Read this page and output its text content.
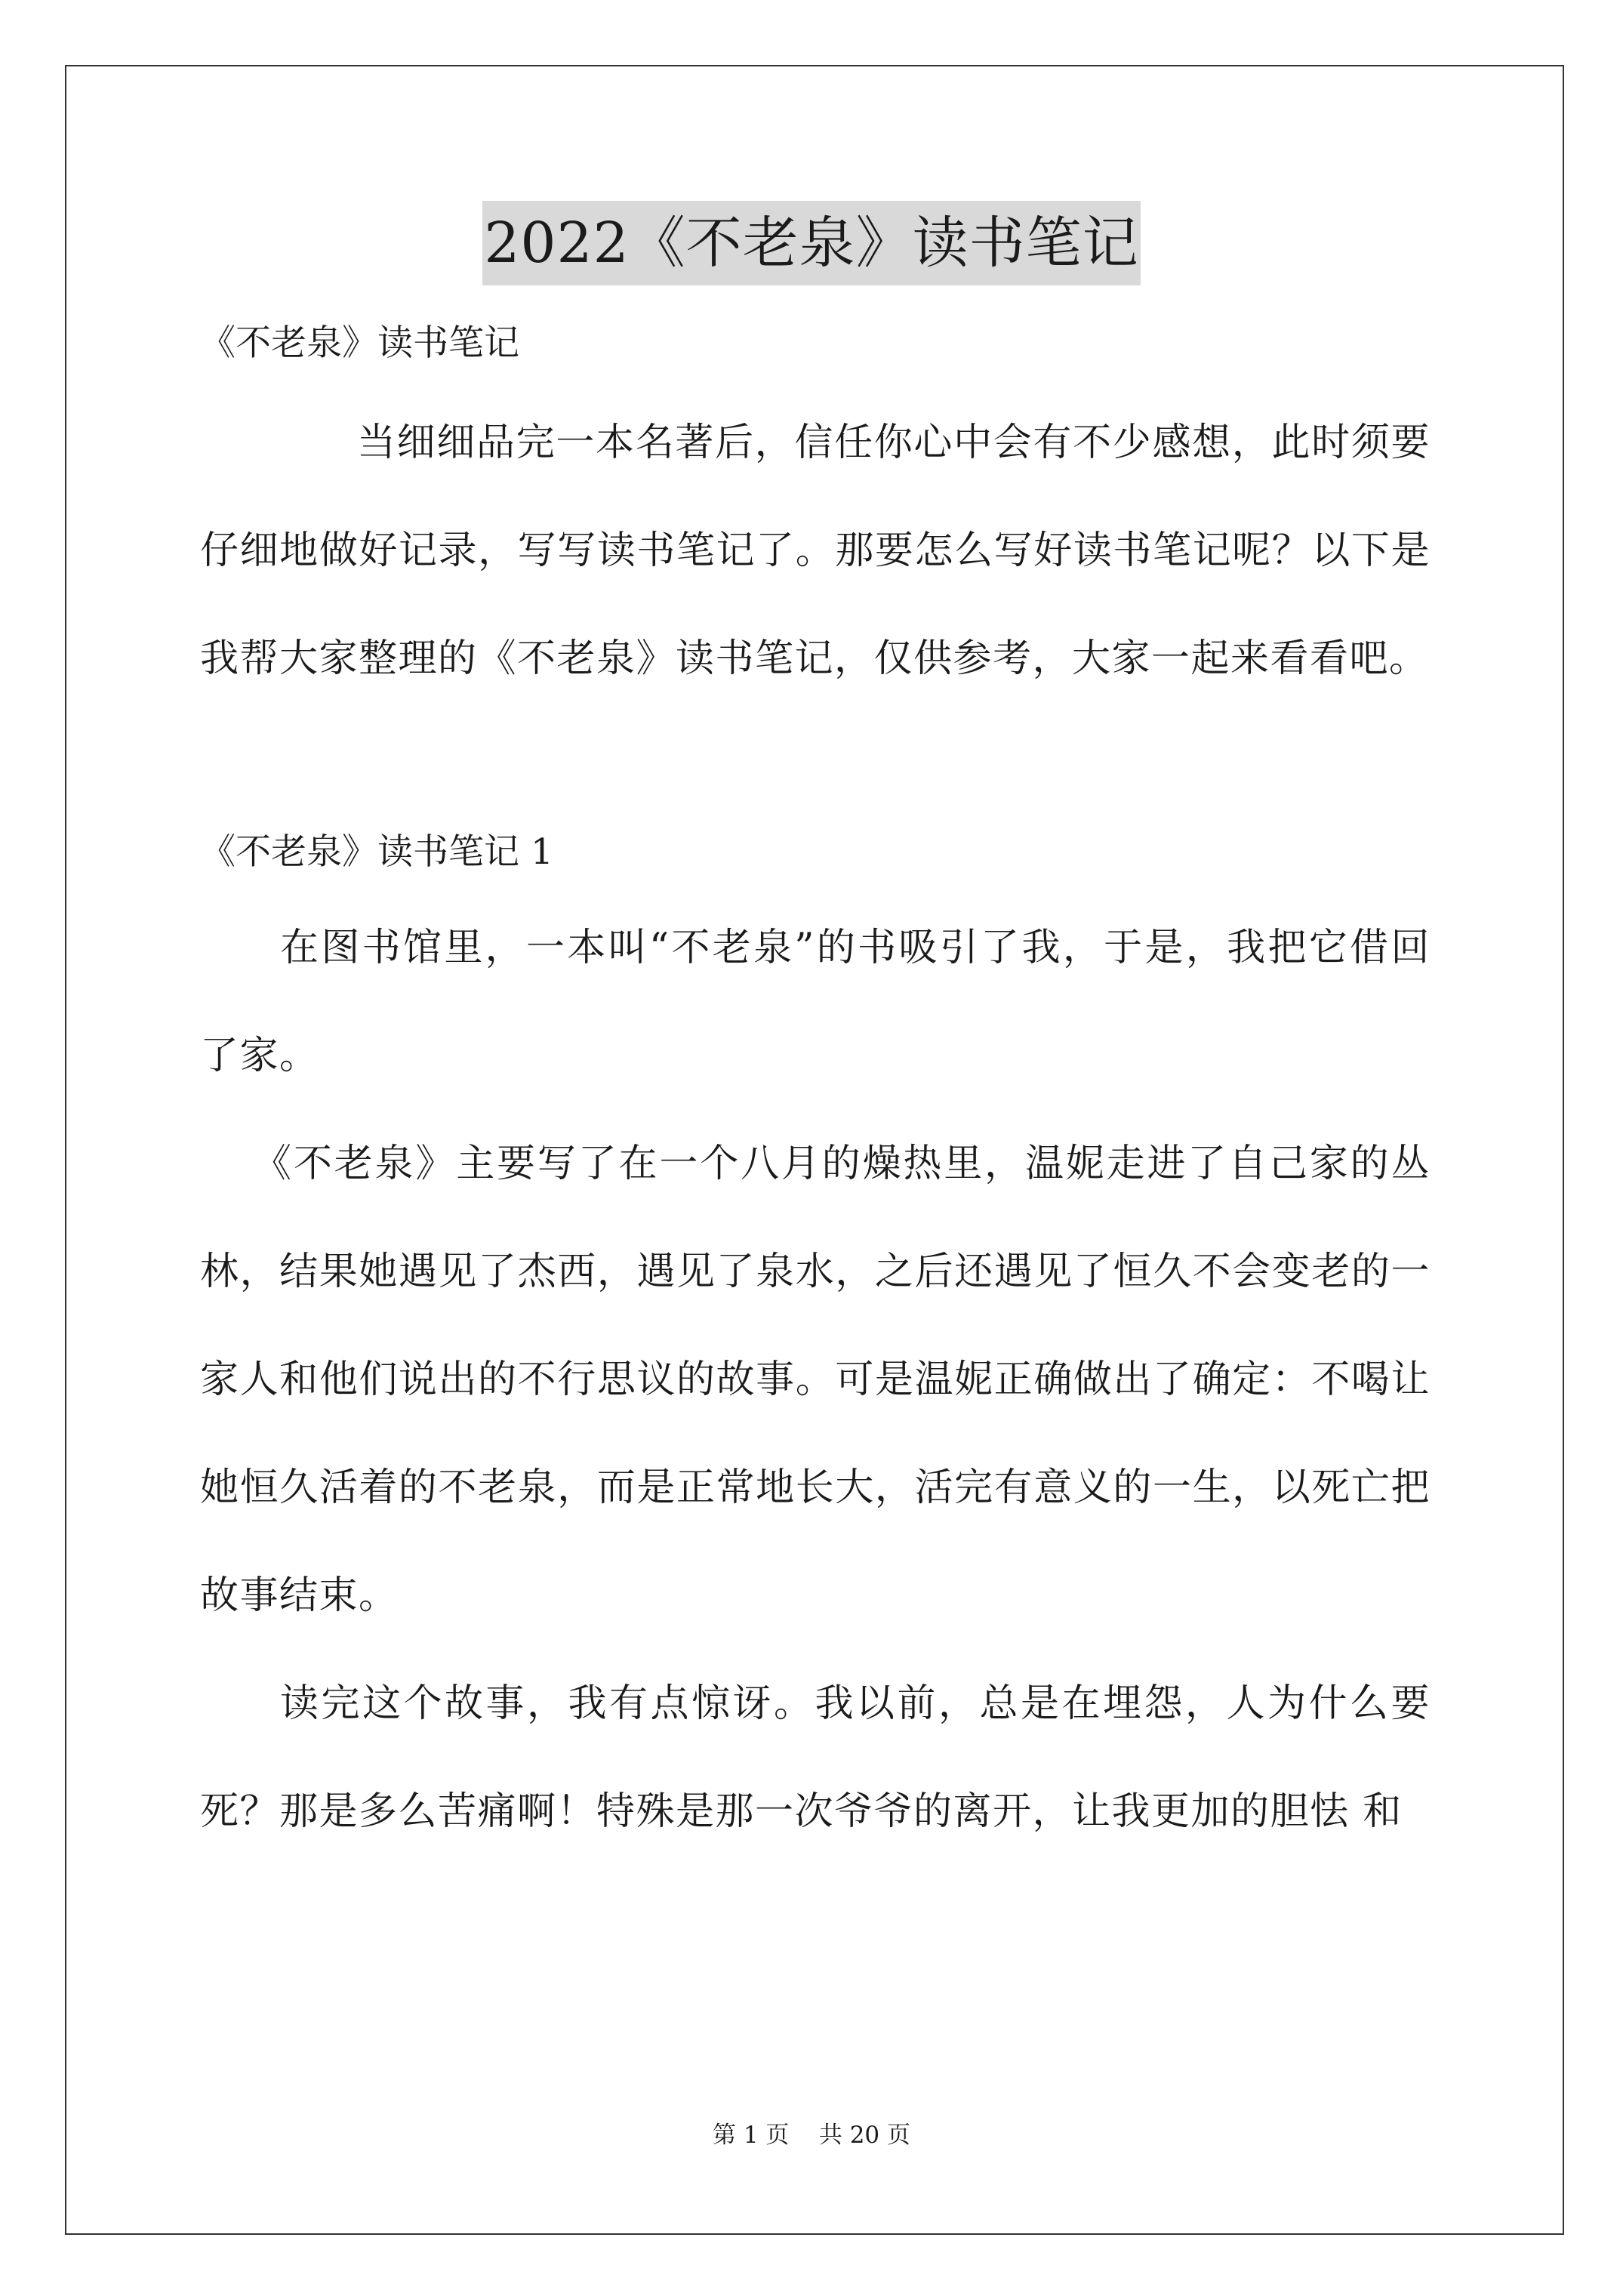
2022《不老泉》读书笔记

《不老泉》读书笔记

当细细品完一本名著后，信任你心中会有不少感想，此时须要仔细地做好记录，写写读书笔记了。那要怎么写好读书笔记呢？以下是我帮大家整理的《不老泉》读书笔记，仅供参考，大家一起来看看吧。

《不老泉》读书笔记 1

在图书馆里，一本叫“不老泉”的书吸引了我，于是，我把它借回了家。

《不老泉》主要写了在一个八月的燥热里，温妮走进了自己家的丛林，结果她遇见了杰西，遇见了泉水，之后还遇见了恒久不会变老的一家人和他们说出的不行思议的故事。可是温妮正确做出了确定：不喝让她恒久活着的不老泉，而是正常地长大，活完有意义的一生，以死亡把故事结束。

读完这个故事，我有点惊讶。我以前，总是在埋怨，人为什么要死？那是多么苦痛啊！特殊是那一次爷爷的离开，让我更加的胆怯 和

第 1 页 共 20 页
